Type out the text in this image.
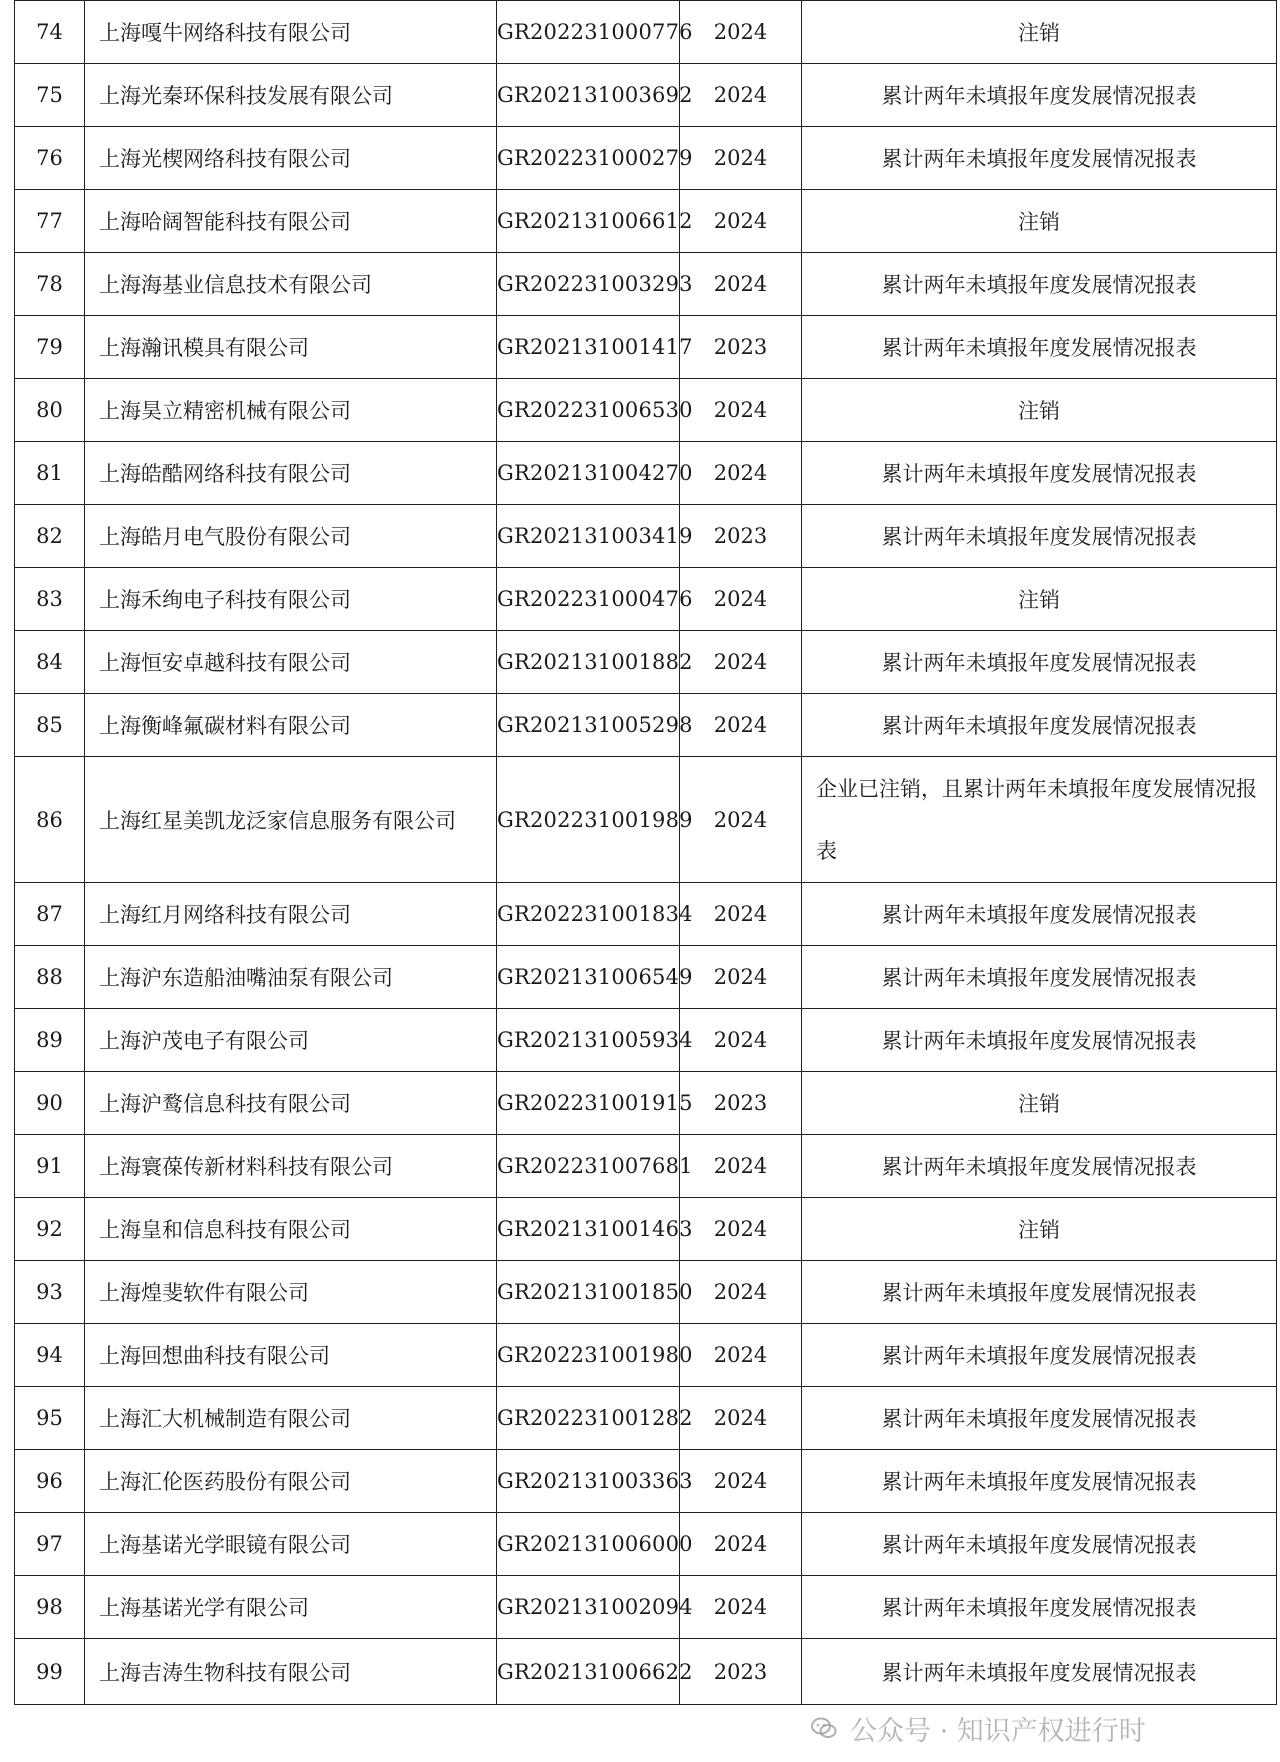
74	上海嘎牛网络科技有限公司	GR202231000776	2024	注销
75	上海光秦环保科技发展有限公司	GR202131003692	2024	累计两年未填报年度发展情况报表
76	上海光楔网络科技有限公司	GR202231000279	2024	累计两年未填报年度发展情况报表
77	上海哈阔智能科技有限公司	GR202131006612	2024	注销
78	上海海基业信息技术有限公司	GR202231003293	2024	累计两年未填报年度发展情况报表
79	上海瀚讯模具有限公司	GR202131001417	2023	累计两年未填报年度发展情况报表
80	上海昊立精密机械有限公司	GR202231006530	2024	注销
81	上海皓酷网络科技有限公司	GR202131004270	2024	累计两年未填报年度发展情况报表
82	上海皓月电气股份有限公司	GR202131003419	2023	累计两年未填报年度发展情况报表
83	上海禾绚电子科技有限公司	GR202231000476	2024	注销
84	上海恒安卓越科技有限公司	GR202131001882	2024	累计两年未填报年度发展情况报表
85	上海衡峰氟碳材料有限公司	GR202131005298	2024	累计两年未填报年度发展情况报表
86	上海红星美凯龙泛家信息服务有限公司	GR202231001989	2024	企业已注销，且累计两年未填报年度发展情况报表
87	上海红月网络科技有限公司	GR202231001834	2024	累计两年未填报年度发展情况报表
88	上海沪东造船油嘴油泵有限公司	GR202131006549	2024	累计两年未填报年度发展情况报表
89	上海沪茂电子有限公司	GR202131005934	2024	累计两年未填报年度发展情况报表
90	上海沪鹜信息科技有限公司	GR202231001915	2023	注销
91	上海寰葆传新材料科技有限公司	GR202231007681	2024	累计两年未填报年度发展情况报表
92	上海皇和信息科技有限公司	GR202131001463	2024	注销
93	上海煌斐软件有限公司	GR202131001850	2024	累计两年未填报年度发展情况报表
94	上海回想曲科技有限公司	GR202231001980	2024	累计两年未填报年度发展情况报表
95	上海汇大机械制造有限公司	GR202231001282	2024	累计两年未填报年度发展情况报表
96	上海汇伦医药股份有限公司	GR202131003363	2024	累计两年未填报年度发展情况报表
97	上海基诺光学眼镜有限公司	GR202131006000	2024	累计两年未填报年度发展情况报表
98	上海基诺光学有限公司	GR202131002094	2024	累计两年未填报年度发展情况报表
99	上海吉涛生物科技有限公司	GR202131006622	2023	累计两年未填报年度发展情况报表
公众号 · 知识产权进行时
